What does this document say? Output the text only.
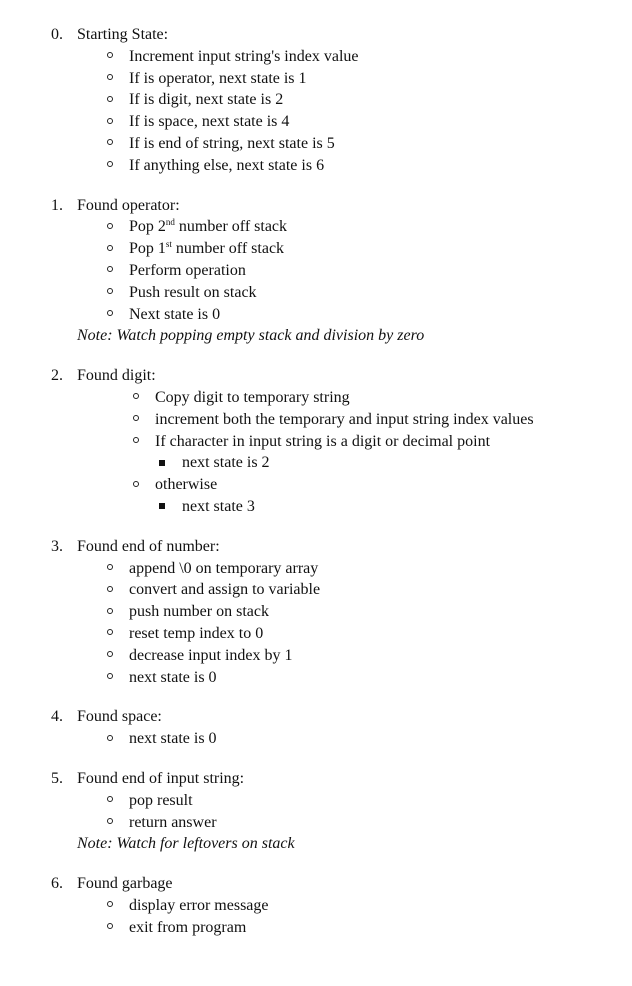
0. Starting State:
Increment input string's index value
If is operator, next state is 1
If is digit, next state is 2
If is space, next state is 4
If is end of string, next state is 5
If anything else, next state is 6
1. Found operator:
Pop 2nd number off stack
Pop 1st number off stack
Perform operation
Push result on stack
Next state is 0
Note: Watch popping empty stack and division by zero
2. Found digit:
Copy digit to temporary string
increment both the temporary and input string index values
If character in input string is a digit or decimal point
next state is 2
otherwise
next state 3
3. Found end of number:
append \0 on temporary array
convert and assign to variable
push number on stack
reset temp index to 0
decrease input index by 1
next state is 0
4. Found space:
next state is 0
5. Found end of input string:
pop result
return answer
Note: Watch for leftovers on stack
6. Found garbage
display error message
exit from program
